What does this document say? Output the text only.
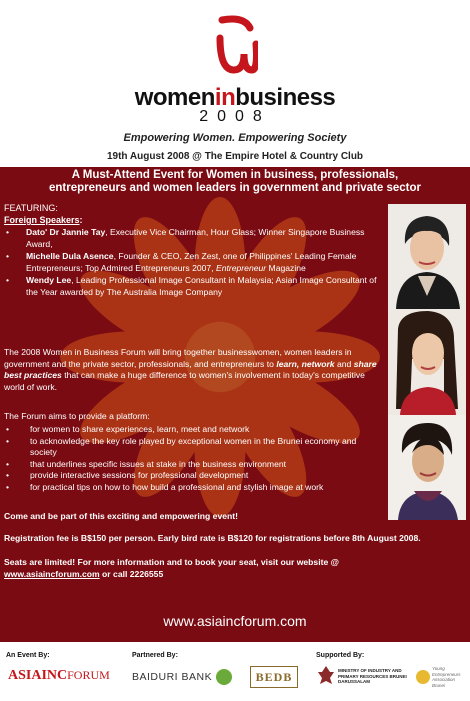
womeninbusiness
2008
Empowering Women. Empowering Society
19th August 2008 @ The Empire Hotel & Country Club
A Must-Attend Event for Women in business, professionals,
entrepreneurs and women leaders in government and private sector
FEATURING:
Foreign Speakers:
• Dato' Dr Jannie Tay, Executive Vice Chairman, Hour Glass; Winner Singapore Business Award,
• Michelle Dula Asence, Founder & CEO, Zen Zest, one of Philippines' Leading Female Entrepreneurs; Top Admired Entrepreneurs 2007, Entrepreneur Magazine
• Wendy Lee, Leading Professional Image Consultant in Malaysia; Asian Image Consultant of the Year awarded by The Australia Image Company
The 2008 Women in Business Forum will bring together businesswomen, women leaders in government and the private sector, professionals, and entrepreneurs to learn, network and share best practices that can make a huge difference to women's involvement in today's competitive world of work.
The Forum aims to provide a platform:
• for women to share experiences, learn, meet and network
• to acknowledge the key role played by exceptional women in the Brunei economy and society
• that underlines specific issues at stake in the business environment
• provide interactive sessions for professional development
• for practical tips on how to how build a professional and stylish image at work
Come and be part of this exciting and empowering event!
Registration fee is B$150 per person. Early bird rate is B$120 for registrations before 8th August 2008.
Seats are limited! For more information and to book your seat, visit our website @
www.asiaincforum.com or call 2226555
www.asiaincforum.com
An Event By:
ASIAINCFORUM
Partnered By:
BAIDURI BANK	BEDB
Supported By:
MINISTRY OF INDUSTRY AND PRIMARY RESOURCES BRUNEI DARUSSALAM
Young Entrepreneurs Association Brunei
